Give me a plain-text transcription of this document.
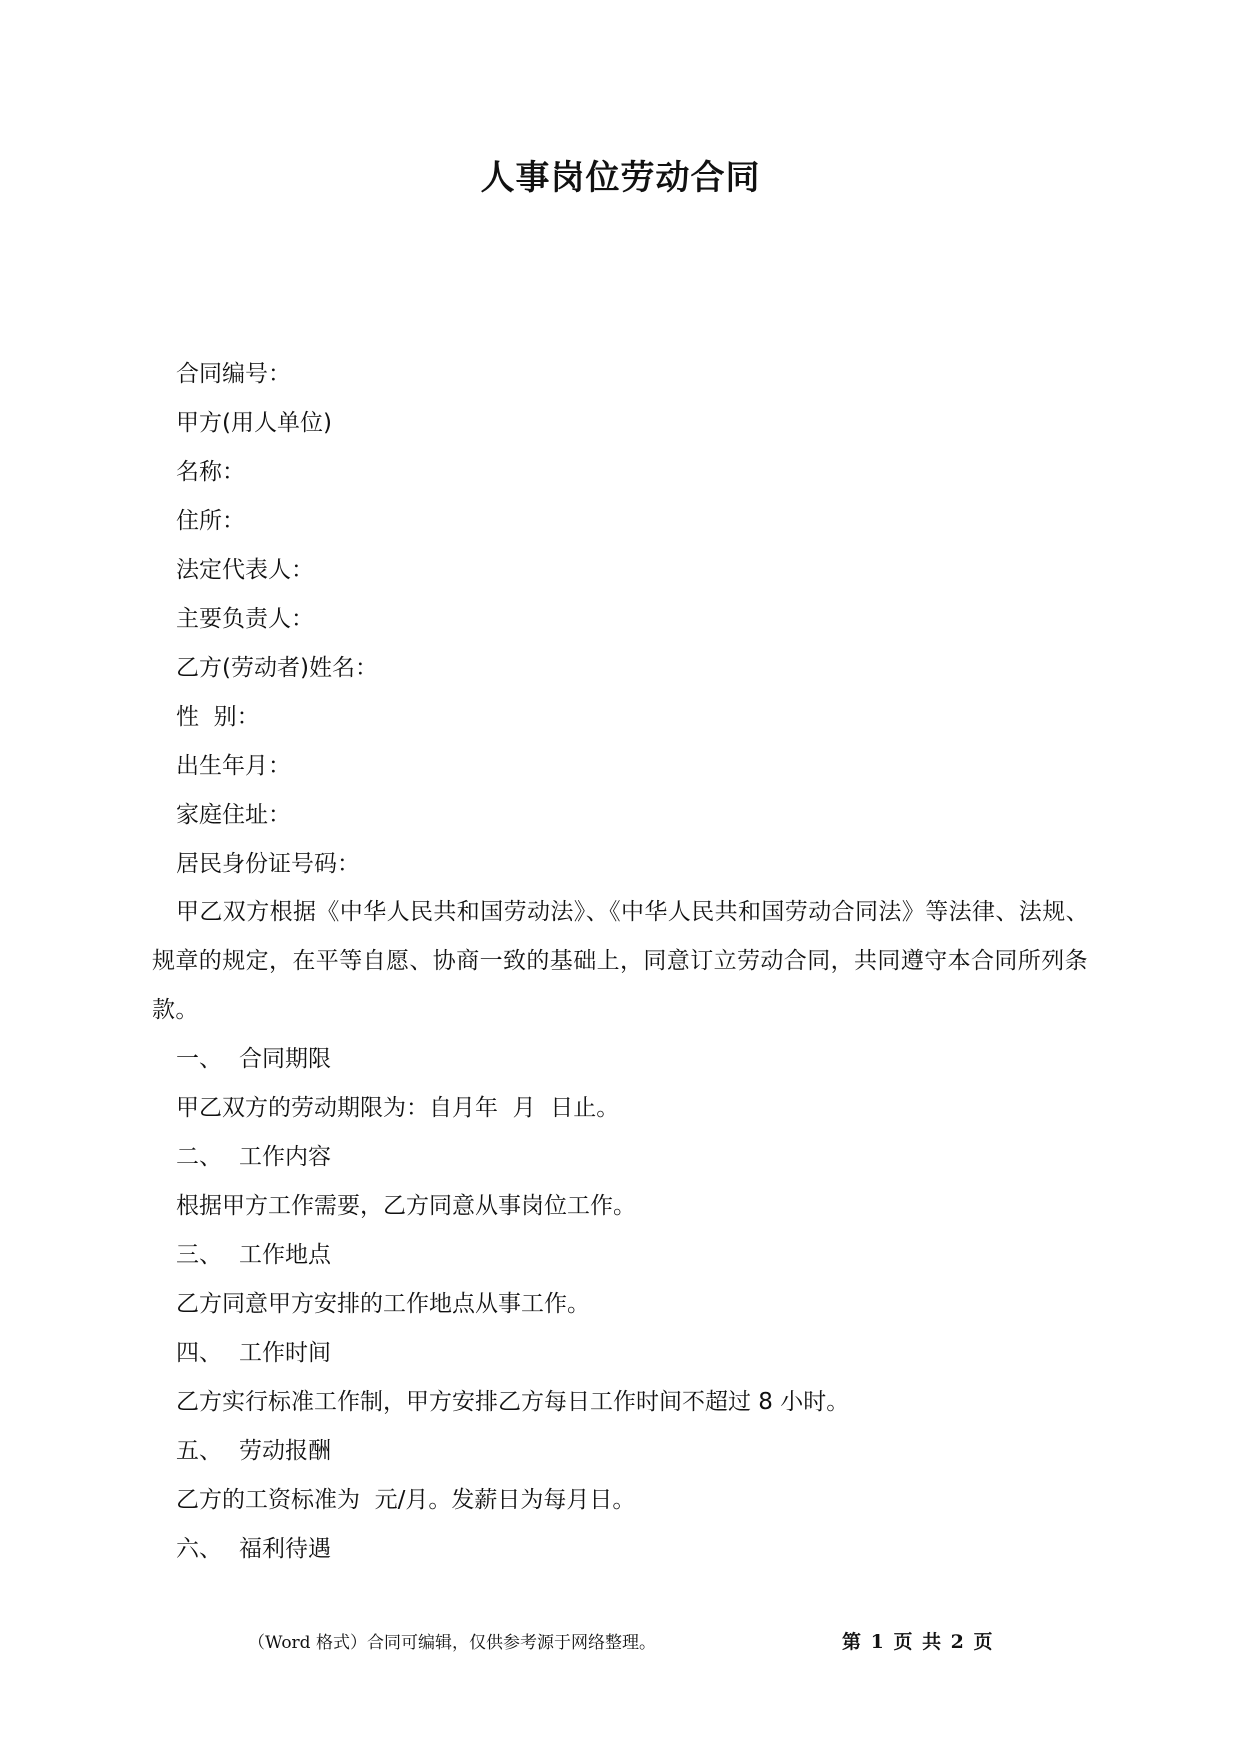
人事岗位劳动合同
合同编号：
甲方(用人单位)
名称：
住所：
法定代表人：
主要负责人：
乙方(劳动者)姓名：
性  别：
出生年月：
家庭住址：
居民身份证号码：
甲乙双方根据《中华人民共和国劳动法》、《中华人民共和国劳动合同法》等法律、法规、规章的规定，在平等自愿、协商一致的基础上，同意订立劳动合同，共同遵守本合同所列条款。
一、 合同期限
甲乙双方的劳动期限为：自月年  月  日止。
二、 工作内容
根据甲方工作需要，乙方同意从事岗位工作。
三、 工作地点
乙方同意甲方安排的工作地点从事工作。
四、 工作时间
乙方实行标准工作制，甲方安排乙方每日工作时间不超过 8 小时。
五、 劳动报酬
乙方的工资标准为  元/月。发薪日为每月日。
六、 福利待遇
（Word 格式）合同可编辑，仅供参考源于网络整理。	第 1 页 共 2 页
